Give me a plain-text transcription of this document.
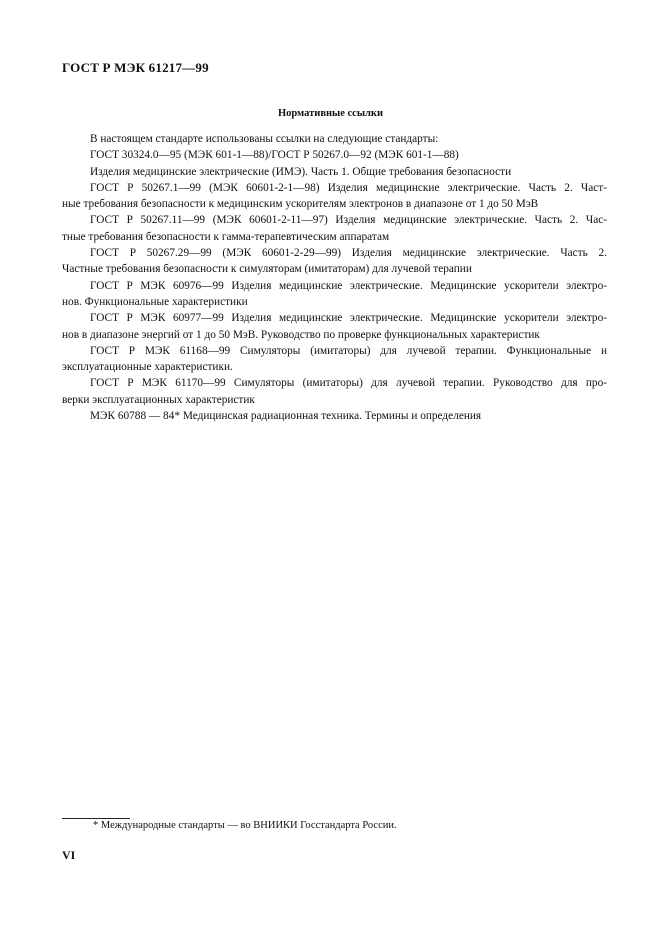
ГОСТ Р МЭК 61217—99
Нормативные ссылки
В настоящем стандарте использованы ссылки на следующие стандарты:
ГОСТ 30324.0—95 (МЭК 601-1—88)/ГОСТ Р 50267.0—92 (МЭК 601-1—88)
Изделия медицинские электрические (ИМЭ). Часть 1. Общие требования безопасности
ГОСТ Р 50267.1—99 (МЭК 60601-2-1—98) Изделия медицинские электрические. Часть 2. Част-
ные требования безопасности к медицинским ускорителям электронов в диапазоне от 1 до 50 МэВ
ГОСТ Р 50267.11—99 (МЭК 60601-2-11—97) Изделия медицинские электрические. Часть 2. Час-
тные требования безопасности к гамма-терапевтическим аппаратам
ГОСТ Р 50267.29—99 (МЭК 60601-2-29—99) Изделия медицинские электрические. Часть 2.
Частные требования безопасности к симуляторам (имитаторам) для лучевой терапии
ГОСТ Р МЭК 60976—99 Изделия медицинские электрические. Медицинские ускорители электро-
нов. Функциональные характеристики
ГОСТ Р МЭК 60977—99 Изделия медицинские электрические. Медицинские ускорители электро-
нов в диапазоне энергий от 1 до 50 МэВ. Руководство по проверке функциональных характеристик
ГОСТ Р МЭК 61168—99 Симуляторы (имитаторы) для лучевой терапии. Функциональные и
эксплуатационные характеристики.
ГОСТ Р МЭК 61170—99 Симуляторы (имитаторы) для лучевой терапии. Руководство для про-
верки эксплуатационных характеристик
МЭК 60788 — 84* Медицинская радиационная техника. Термины и определения
* Международные стандарты — во ВНИИКИ Госстандарта России.
VI
